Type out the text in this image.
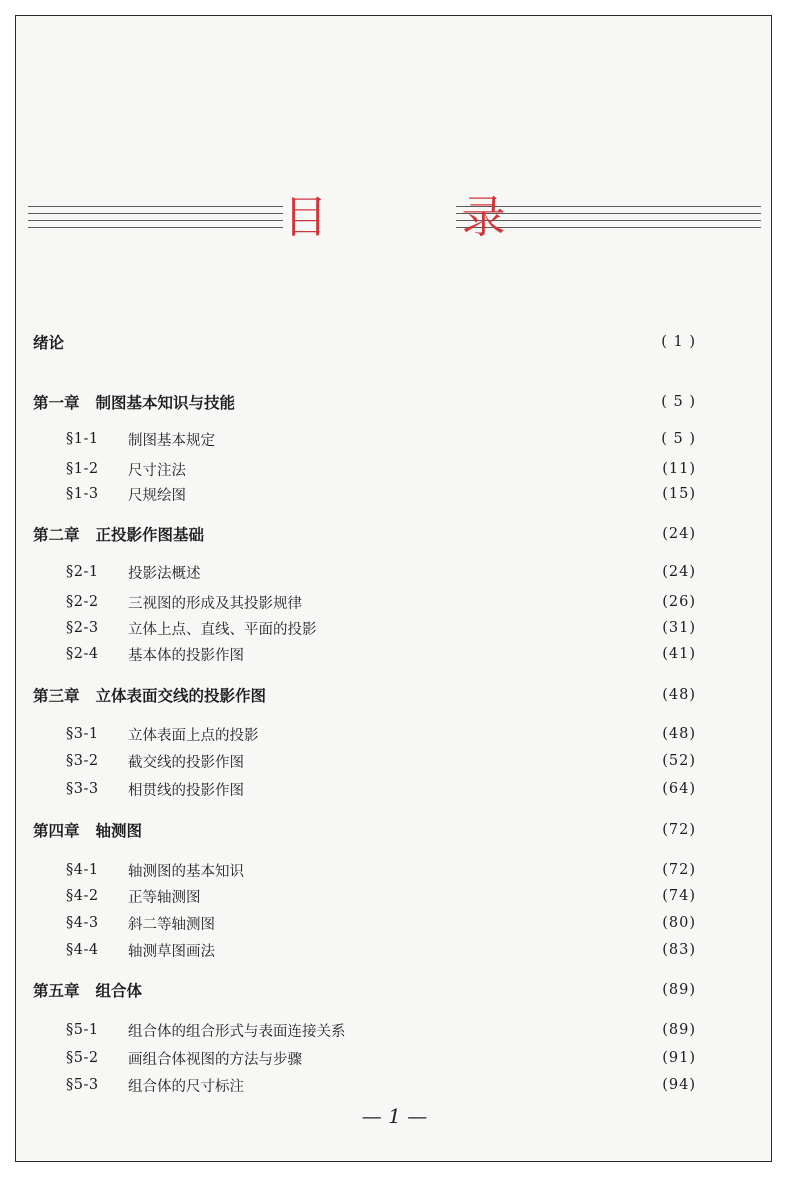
目 录
绪论	( 1 )
第一章 制图基本知识与技能	( 5 )
§1-1	制图基本规定	( 5 )
§1-2	尺寸注法	(11)
§1-3	尺规绘图	(15)
第二章 正投影作图基础	(24)
§2-1	投影法概述	(24)
§2-2	三视图的形成及其投影规律	(26)
§2-3	立体上点、直线、平面的投影	(31)
§2-4	基本体的投影作图	(41)
第三章 立体表面交线的投影作图	(48)
§3-1	立体表面上点的投影	(48)
§3-2	截交线的投影作图	(52)
§3-3	相贯线的投影作图	(64)
第四章 轴测图	(72)
§4-1	轴测图的基本知识	(72)
§4-2	正等轴测图	(74)
§4-3	斜二等轴测图	(80)
§4-4	轴测草图画法	(83)
第五章 组合体	(89)
§5-1	组合体的组合形式与表面连接关系	(89)
§5-2	画组合体视图的方法与步骤	(91)
§5-3	组合体的尺寸标注	(94)
— 1 —
